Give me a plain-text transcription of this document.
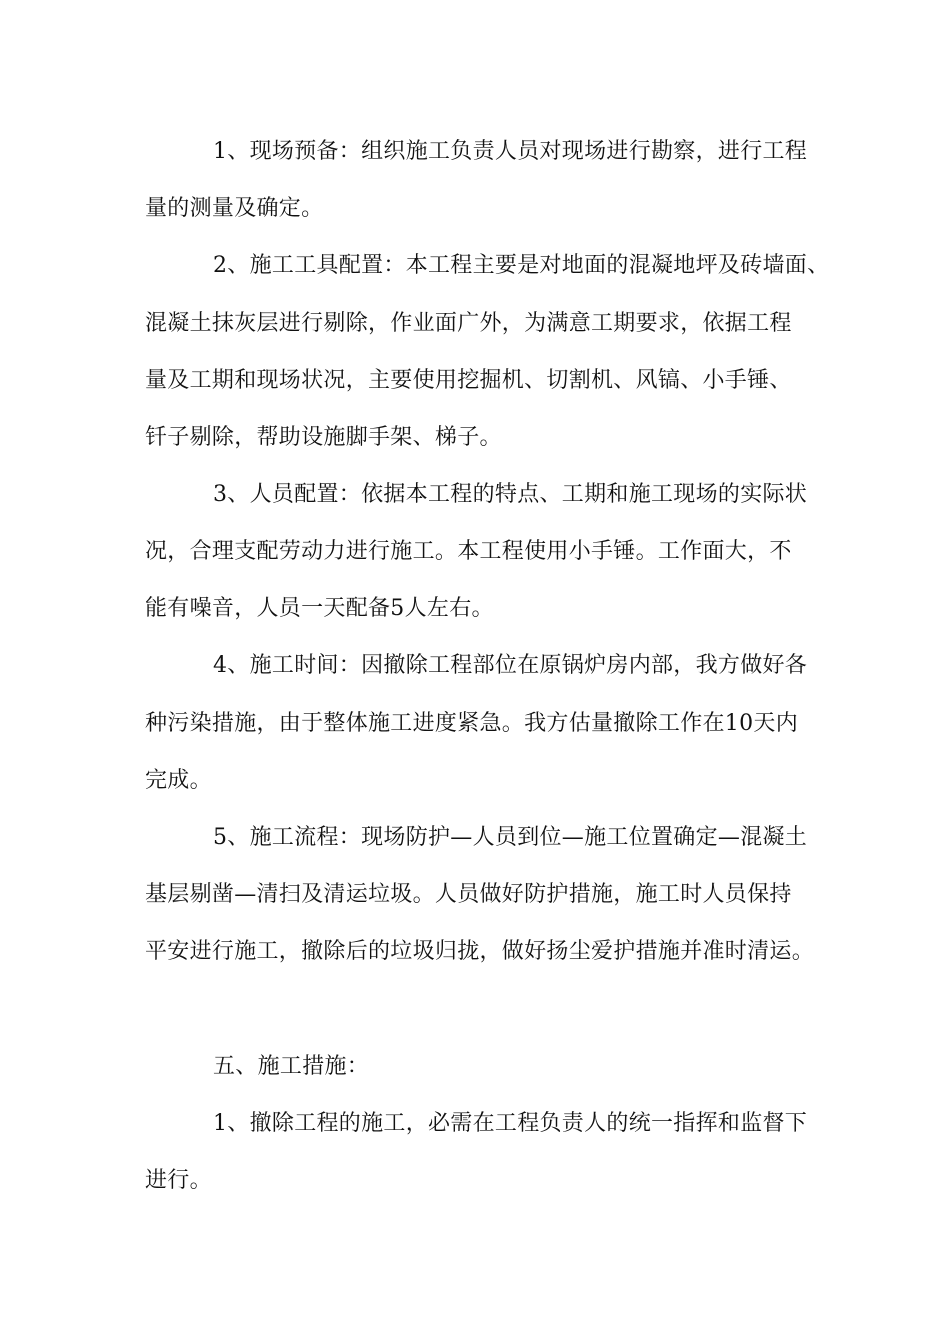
1、现场预备：组织施工负责人员对现场进行勘察，进行工程
量的测量及确定。
2、施工工具配置：本工程主要是对地面的混凝地坪及砖墙面、
混凝土抹灰层进行剔除，作业面广外，为满意工期要求，依据工程
量及工期和现场状况，主要使用挖掘机、切割机、风镐、小手锤、
钎子剔除，帮助设施脚手架、梯子。
3、人员配置：依据本工程的特点、工期和施工现场的实际状
况，合理支配劳动力进行施工。本工程使用小手锤。工作面大，不
能有噪音，人员一天配备5人左右。
4、施工时间：因撤除工程部位在原锅炉房内部，我方做好各
种污染措施，由于整体施工进度紧急。我方估量撤除工作在10天内
完成。
5、施工流程：现场防护—人员到位—施工位置确定—混凝土
基层剔凿—清扫及清运垃圾。人员做好防护措施，施工时人员保持
平安进行施工，撤除后的垃圾归拢，做好扬尘爱护措施并准时清运。
五、施工措施：
1、撤除工程的施工，必需在工程负责人的统一指挥和监督下
进行。
